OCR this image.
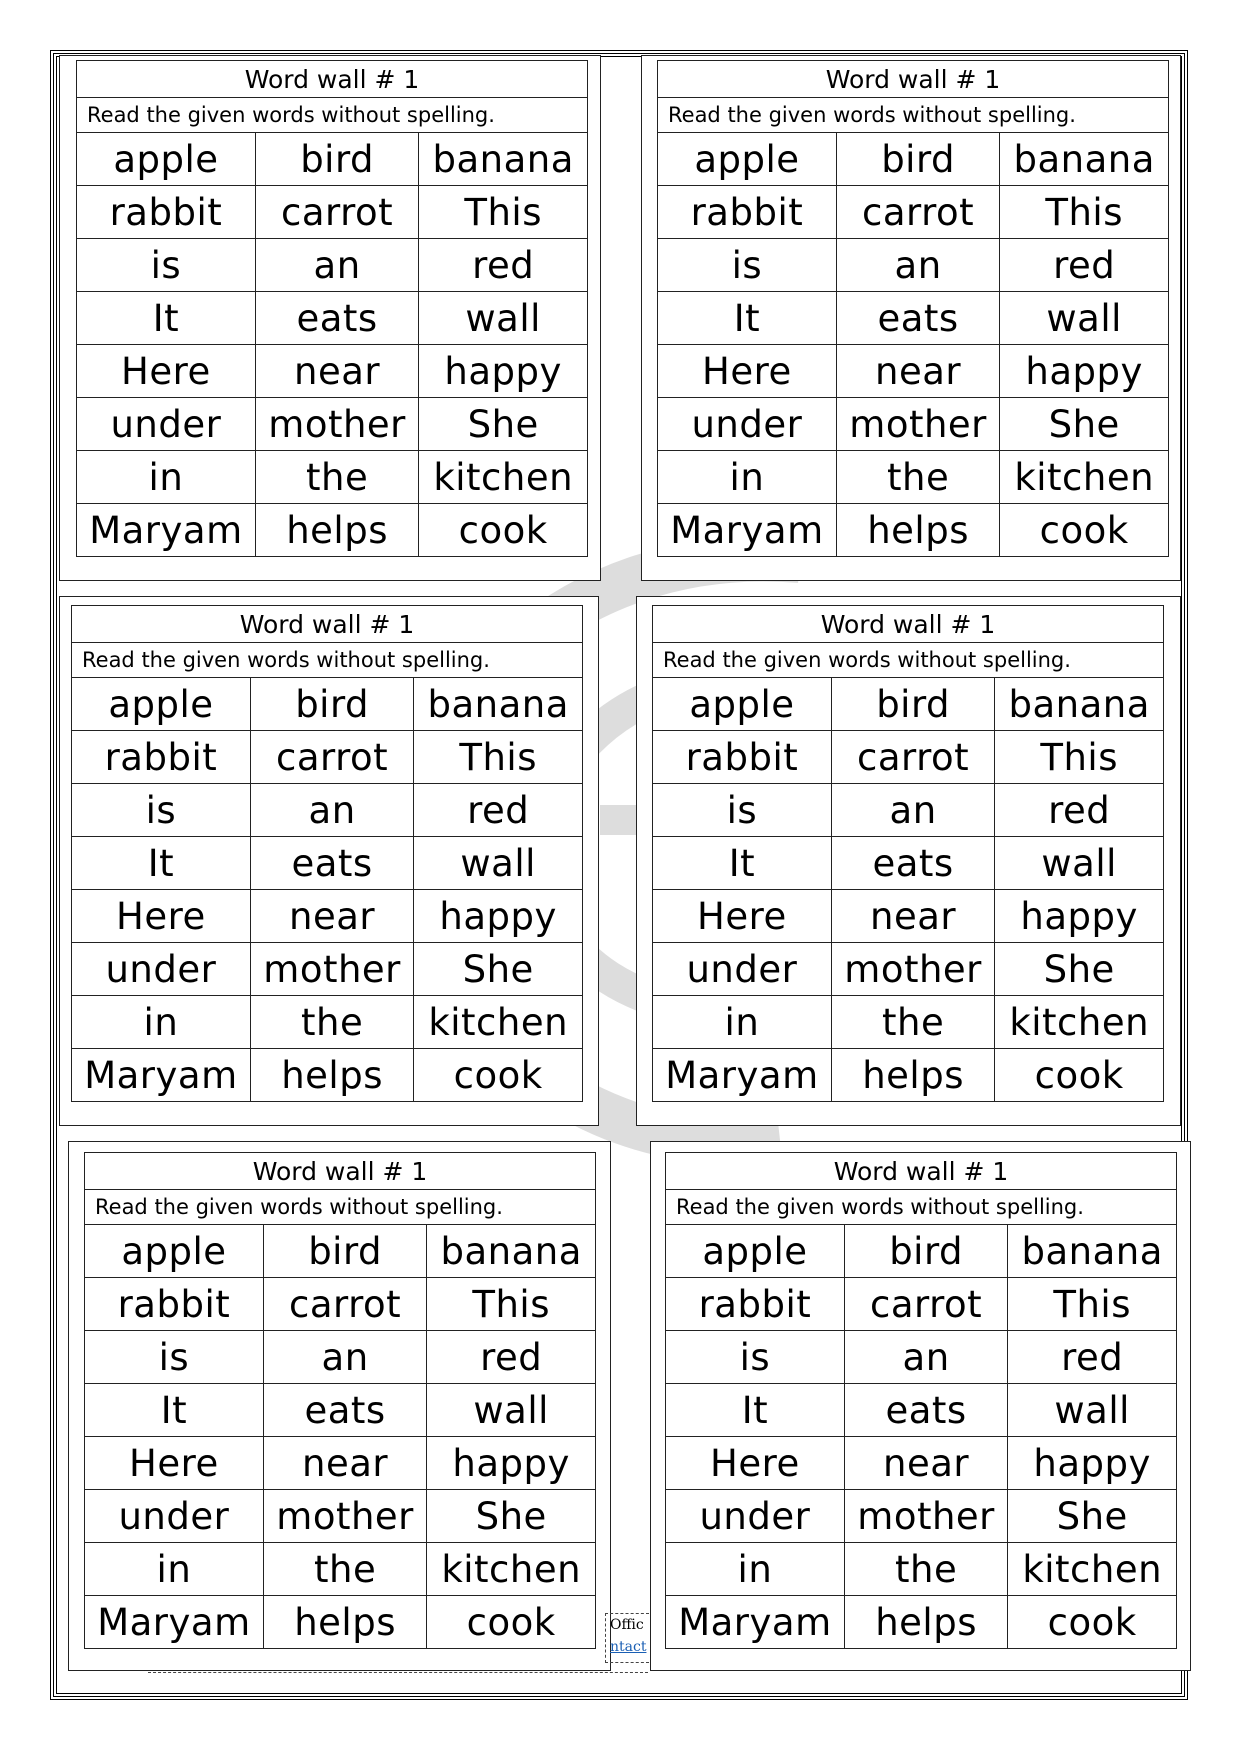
Word wall # 1		
Read the given words without spelling.		
apple	bird	banana
rabbit	carrot	This
is	an	red
It	eats	wall
Here	near	happy
under	mother	She
in	the	kitchen
Maryam	helps	cook
Word wall # 1		
Read the given words without spelling.		
apple	bird	banana
rabbit	carrot	This
is	an	red
It	eats	wall
Here	near	happy
under	mother	She
in	the	kitchen
Maryam	helps	cook
Word wall # 1		
Read the given words without spelling.		
apple	bird	banana
rabbit	carrot	This
is	an	red
It	eats	wall
Here	near	happy
under	mother	She
in	the	kitchen
Maryam	helps	cook
Word wall # 1		
Read the given words without spelling.		
apple	bird	banana
rabbit	carrot	This
is	an	red
It	eats	wall
Here	near	happy
under	mother	She
in	the	kitchen
Maryam	helps	cook
Word wall # 1		
Read the given words without spelling.		
apple	bird	banana
rabbit	carrot	This
is	an	red
It	eats	wall
Here	near	happy
under	mother	She
in	the	kitchen
Maryam	helps	cook
Word wall # 1		
Read the given words without spelling.		
apple	bird	banana
rabbit	carrot	This
is	an	red
It	eats	wall
Here	near	happy
under	mother	She
in	the	kitchen
Maryam	helps	cook
Offic
ntact
